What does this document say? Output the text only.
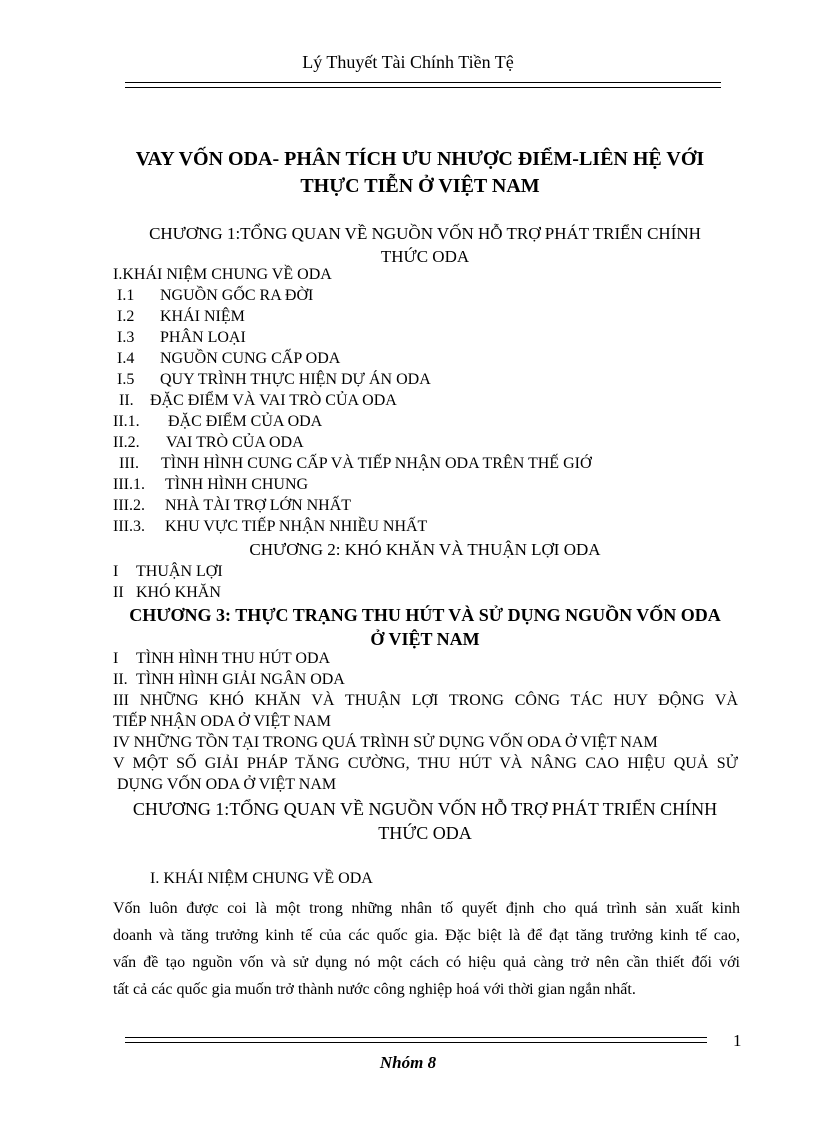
Lý Thuyết Tài Chính Tiền Tệ
VAY VỐN ODA- PHÂN TÍCH ƯU NHƯỢC ĐIỂM-LIÊN HỆ VỚI
THỰC TIỄN Ở VIỆT NAM
CHƯƠNG 1:TỔNG QUAN VỀ NGUỒN VỐN HỖ TRỢ PHÁT TRIỂN CHÍNH
THỨC ODA
I.KHÁI NIỆM CHUNG VỀ ODA
I.1 NGUỒN GỐC RA ĐỜI
I.2 KHÁI NIỆM
I.3 PHÂN LOẠI
I.4 NGUỒN CUNG CẤP ODA
I.5 QUY TRÌNH THỰC HIỆN DỰ ÁN ODA
II. ĐẶC ĐIỂM VÀ VAI TRÒ CỦA ODA
II.1. ĐẶC ĐIỂM CỦA ODA
II.2. VAI TRÒ CỦA ODA
III. TÌNH HÌNH CUNG CẤP VÀ TIẾP NHẬN ODA TRÊN THẾ GIỚ
III.1. TÌNH HÌNH CHUNG
III.2. NHÀ TÀI TRỢ LỚN NHẤT
III.3. KHU VỰC TIẾP NHẬN NHIỀU NHẤT
CHƯƠNG 2: KHÓ KHĂN VÀ THUẬN LỢI ODA
I THUẬN LỢI
II KHÓ KHĂN
CHƯƠNG 3: THỰC TRẠNG THU HÚT VÀ SỬ DỤNG NGUỒN VỐN ODA
Ở VIỆT NAM
I TÌNH HÌNH THU HÚT ODA
II. TÌNH HÌNH GIẢI NGÂN ODA
III NHỮNG KHÓ KHĂN VÀ THUẬN LỢI TRONG CÔNG TÁC HUY ĐỘNG VÀ
TIẾP NHẬN ODA Ở VIỆT NAM
IV NHỮNG TỒN TẠI TRONG QUÁ TRÌNH SỬ DỤNG VỐN ODA Ở VIỆT NAM
V MỘT SỐ GIẢI PHÁP TĂNG CƯỜNG, THU HÚT VÀ NÂNG CAO HIỆU QUẢ SỬ
DỤNG VỐN ODA Ở VIỆT NAM
CHƯƠNG 1:TỔNG QUAN VỀ NGUỒN VỐN HỖ TRỢ PHÁT TRIỂN CHÍNH
THỨC ODA
I. KHÁI NIỆM CHUNG VỀ ODA
Vốn luôn được coi là một trong những nhân tố quyết định cho quá trình sản xuất kinh
doanh và tăng trưởng kinh tế của các quốc gia. Đặc biệt là để đạt tăng trưởng kinh tế cao,
vấn đề tạo nguồn vốn và sử dụng nó một cách có hiệu quả càng trở nên cần thiết đối với
tất cả các quốc gia muốn trở thành nước công nghiệp hoá với thời gian ngắn nhất.
1
Nhóm 8
